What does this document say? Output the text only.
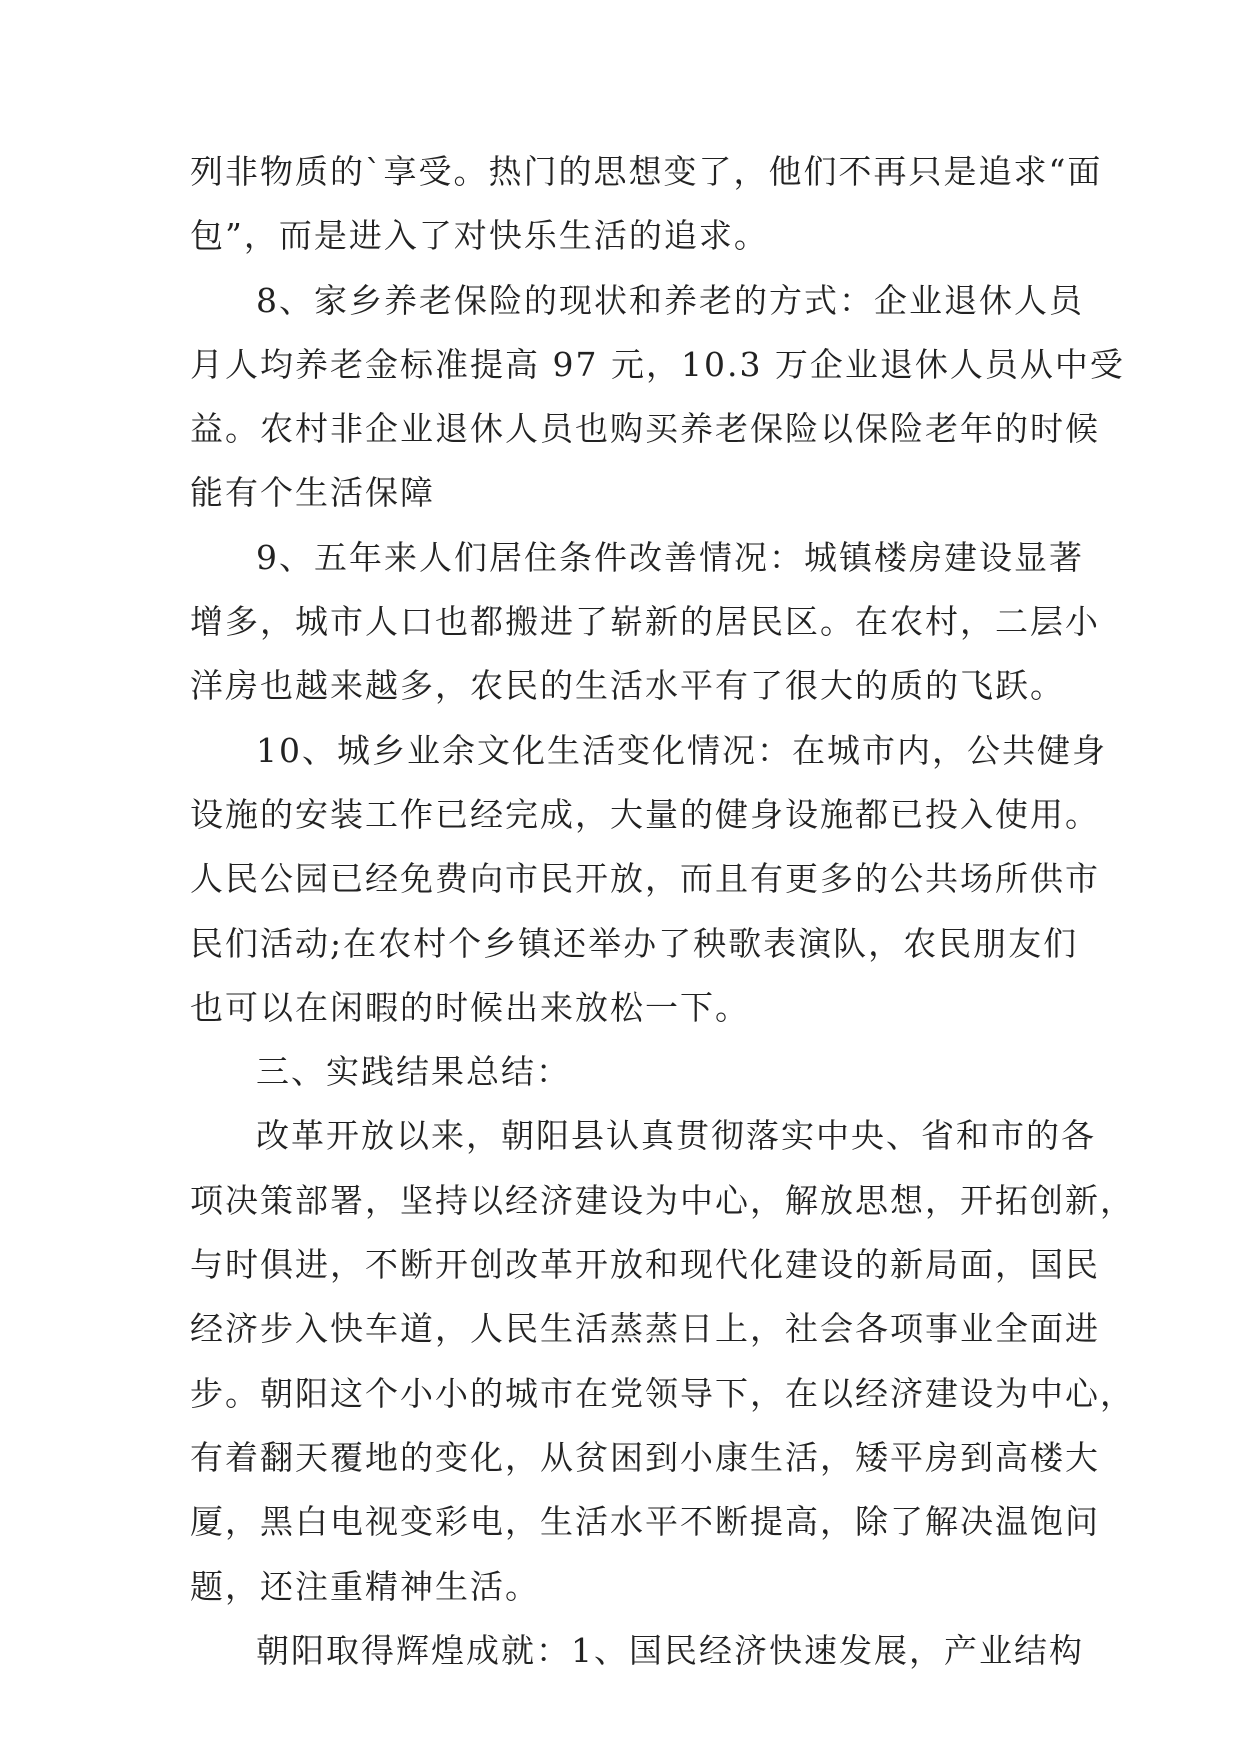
列非物质的`享受。热门的思想变了，他们不再只是追求“面
包”，而是进入了对快乐生活的追求。
8、家乡养老保险的现状和养老的方式：企业退休人员
月人均养老金标准提高 97 元，10.3 万企业退休人员从中受
益。农村非企业退休人员也购买养老保险以保险老年的时候
能有个生活保障
9、五年来人们居住条件改善情况：城镇楼房建设显著
增多，城市人口也都搬进了崭新的居民区。在农村，二层小
洋房也越来越多，农民的生活水平有了很大的质的飞跃。
10、城乡业余文化生活变化情况：在城市内，公共健身
设施的安装工作已经完成，大量的健身设施都已投入使用。
人民公园已经免费向市民开放，而且有更多的公共场所供市
民们活动;在农村个乡镇还举办了秧歌表演队，农民朋友们
也可以在闲暇的时候出来放松一下。
三、实践结果总结：
改革开放以来，朝阳县认真贯彻落实中央、省和市的各
项决策部署，坚持以经济建设为中心，解放思想，开拓创新，
与时俱进，不断开创改革开放和现代化建设的新局面，国民
经济步入快车道，人民生活蒸蒸日上，社会各项事业全面进
步。朝阳这个小小的城市在党领导下，在以经济建设为中心，
有着翻天覆地的变化，从贫困到小康生活，矮平房到高楼大
厦，黑白电视变彩电，生活水平不断提高，除了解决温饱问
题，还注重精神生活。
朝阳取得辉煌成就：1、国民经济快速发展，产业结构
